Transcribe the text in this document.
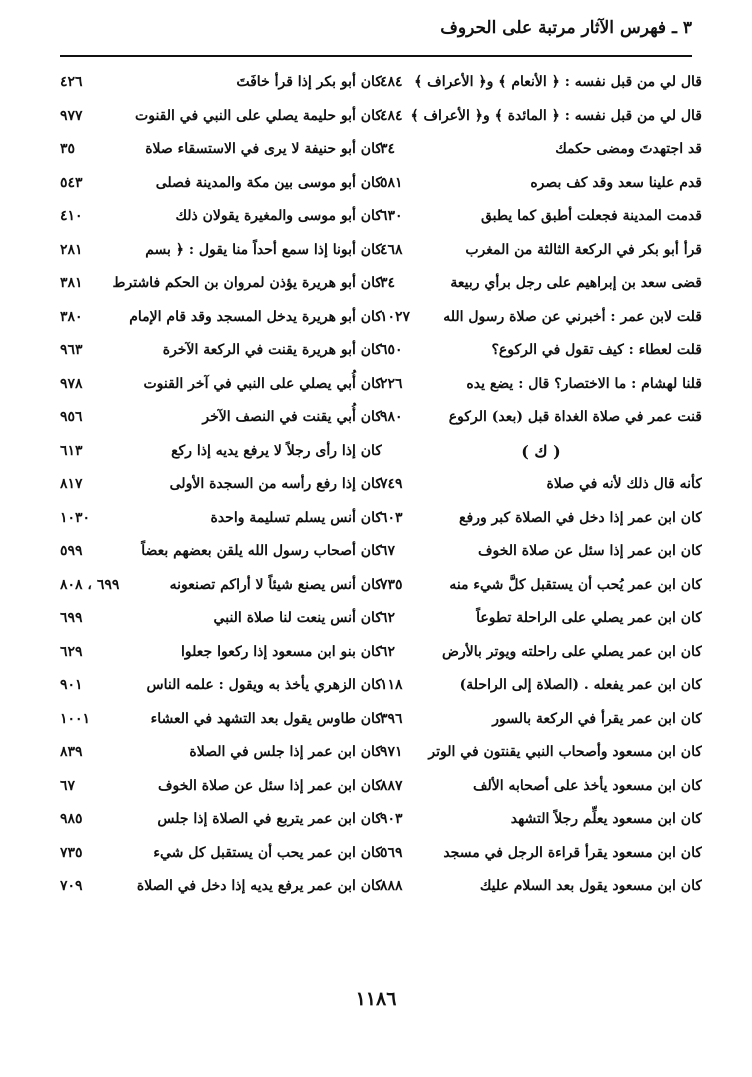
٣ ـ فهرس الآثار مرتبة على الحروف
قال لي من قبل نفسه : ﴿ الأنعام ﴾ و﴿ الأعراف ﴾
٤٨٤
قال لي من قبل نفسه : ﴿ المائدة ﴾ و﴿ الأعراف ﴾
٤٨٤
قد اجتهدتَ ومضى حكمك
٣٤
قدم علينا سعد وقد كف بصره
٥٨١
قدمت المدينة فجعلت أطبق كما يطبق
٦٣٠
قرأ أبو بكر في الركعة الثالثة من المغرب
٤٦٨
قضى سعد بن إبراهيم على رجل برأي ربيعة
٣٤
قلت لابن عمر : أخبرني عن صلاة رسول الله
١٠٢٧
قلت لعطاء : كيف تقول في الركوع؟
٦٥٠
قلنا لهشام : ما الاختصار؟ قال : يضع يده
٢٢٦
قنت عمر في صلاة الغداة قبل (بعد) الركوع
٩٨٠
( ك )
كأنه قال ذلك لأنه في صلاة
٧٤٩
كان ابن عمر إذا دخل في الصلاة كبر ورفع
٦٠٣
كان ابن عمر إذا سئل عن صلاة الخوف
٦٧
كان ابن عمر يُحب أن يستقبل كلَّ شيء منه
٧٣٥
كان ابن عمر يصلي على الراحلة تطوعاً
٦٢
كان ابن عمر يصلي على راحلته ويوتر بالأرض
٦٢
كان ابن عمر يفعله . (الصلاة إلى الراحلة)
١١٨
كان ابن عمر يقرأ في الركعة بالسور
٣٩٦
كان ابن مسعود وأصحاب النبي يقنتون في الوتر
٩٧١
كان ابن مسعود يأخذ على أصحابه الألف
٨٨٧
كان ابن مسعود يعلِّم رجلاً التشهد
٩٠٣
كان ابن مسعود يقرأ قراءة الرجل في مسجد
٥٦٩
كان ابن مسعود يقول بعد السلام عليك
٨٨٨
كان أبو بكر إذا قرأ خافَتَ
٤٢٦
كان أبو حليمة يصلي على النبي في القنوت
٩٧٧
كان أبو حنيفة لا يرى في الاستسقاء صلاة
٣٥
كان أبو موسى بين مكة والمدينة فصلى
٥٤٣
كان أبو موسى والمغيرة يقولان ذلك
٤١٠
كان أبونا إذا سمع أحداً منا يقول : ﴿ بسم
٢٨١
كان أبو هريرة يؤذن لمروان بن الحكم فاشترط
٣٨١
كان أبو هريرة يدخل المسجد وقد قام الإمام
٣٨٠
كان أبو هريرة يقنت في الركعة الآخرة
٩٦٣
كان أُبي يصلي على النبي في آخر القنوت
٩٧٨
كان أُبي يقنت في النصف الآخر
٩٥٦
كان إذا رأى رجلاً لا يرفع يديه إذا ركع
٦١٣
كان إذا رفع رأسه من السجدة الأولى
٨١٧
كان أنس يسلم تسليمة واحدة
١٠٣٠
كان أصحاب رسول الله يلقن بعضهم بعضاً
٥٩٩
كان أنس يصنع شيئاً لا أراكم تصنعونه
٦٩٩ ، ٨٠٨
كان أنس ينعت لنا صلاة النبي
٦٩٩
كان بنو ابن مسعود إذا ركعوا جعلوا
٦٢٩
كان الزهري يأخذ به ويقول : علمه الناس
٩٠١
كان طاوس يقول بعد التشهد في العشاء
١٠٠١
كان ابن عمر إذا جلس في الصلاة
٨٣٩
كان ابن عمر إذا سئل عن صلاة الخوف
٦٧
كان ابن عمر يتربع في الصلاة إذا جلس
٩٨٥
كان ابن عمر يحب أن يستقبل كل شيء
٧٣٥
كان ابن عمر يرفع يديه إذا دخل في الصلاة
٧٠٩
١١٨٦
